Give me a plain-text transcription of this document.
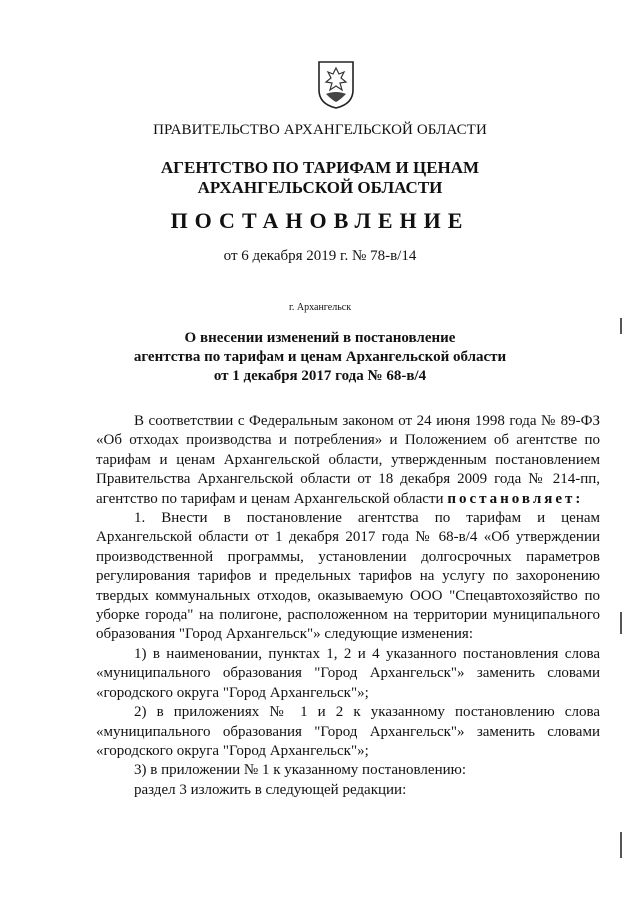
ПРАВИТЕЛЬСТВО АРХАНГЕЛЬСКОЙ ОБЛАСТИ
АГЕНТСТВО ПО ТАРИФАМ И ЦЕНАМ
АРХАНГЕЛЬСКОЙ ОБЛАСТИ
ПОСТАНОВЛЕНИЕ
от 6 декабря 2019 г. № 78-в/14
г. Архангельск
О внесении изменений в постановление
агентства по тарифам и ценам Архангельской области
от 1 декабря 2017 года № 68-в/4

В соответствии с Федеральным законом от 24 июня 1998 года № 89-ФЗ «Об отходах производства и потребления» и Положением об агентстве по тарифам и ценам Архангельской области, утвержденным постановлением Правительства Архангельской области от 18 декабря 2009 года № 214-пп, агентство по тарифам и ценам Архангельской области постановляет:

1. Внести в постановление агентства по тарифам и ценам Архангельской области от 1 декабря 2017 года № 68-в/4 «Об утверждении производственной программы, установлении долгосрочных параметров регулирования тарифов и предельных тарифов на услугу по захоронению твердых коммунальных отходов, оказываемую ООО "Спецавтохозяйство по уборке города" на полигоне, расположенном на территории муниципального образования "Город Архангельск"» следующие изменения:

1) в наименовании, пунктах 1, 2 и 4 указанного постановления слова «муниципального образования "Город Архангельск"» заменить словами «городского округа "Город Архангельск"»;

2) в приложениях № 1 и 2 к указанному постановлению слова «муниципального образования "Город Архангельск"» заменить словами «городского округа "Город Архангельск"»;

3) в приложении № 1 к указанному постановлению:

раздел 3 изложить в следующей редакции:
